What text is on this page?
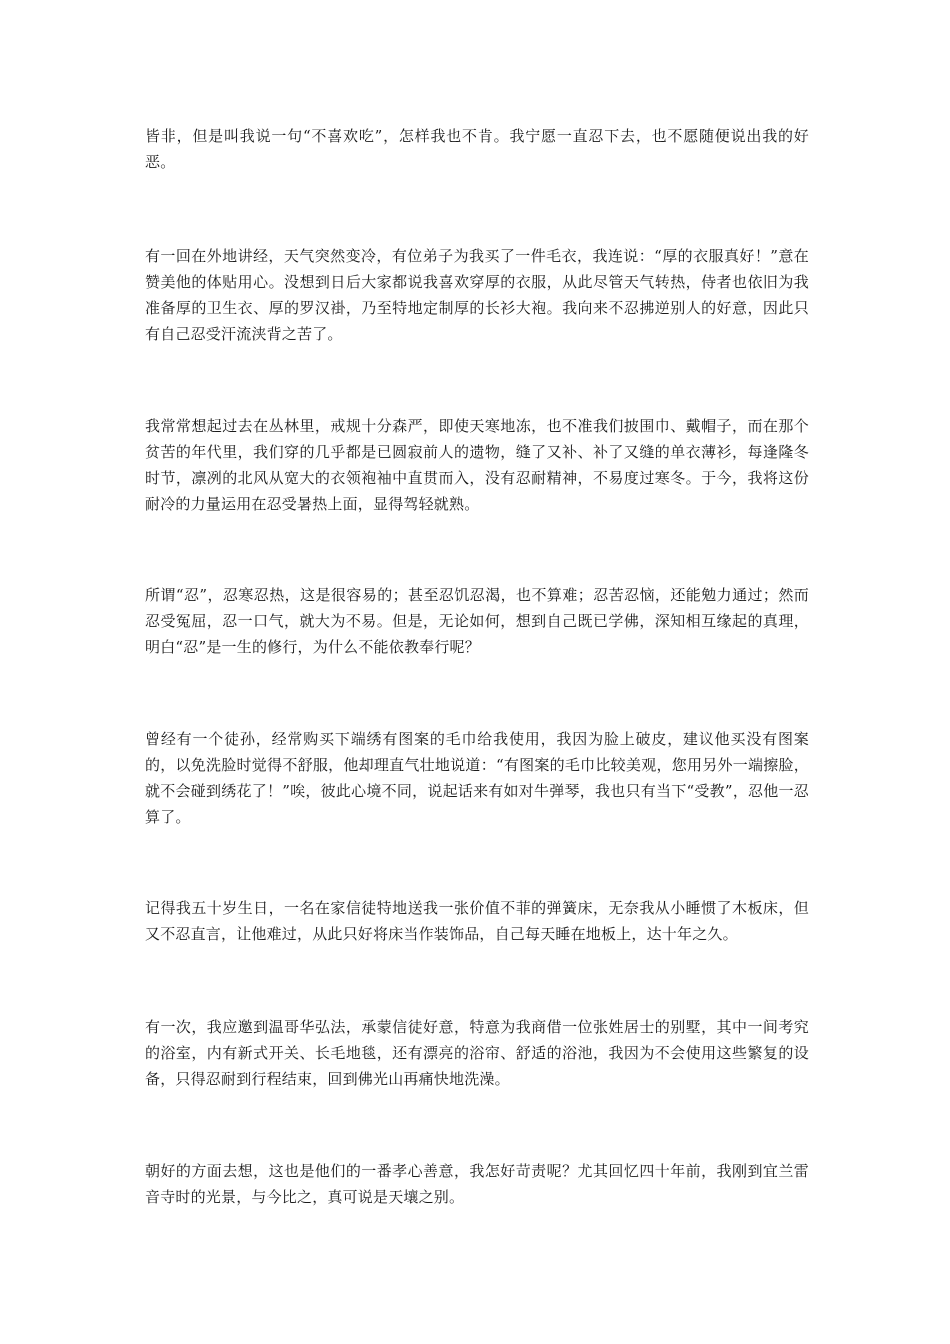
皆非，但是叫我说一句“不喜欢吃”，怎样我也不肯。我宁愿一直忍下去，也不愿随便说出我的好恶。

有一回在外地讲经，天气突然变冷，有位弟子为我买了一件毛衣，我连说：“厚的衣服真好！”意在赞美他的体贴用心。没想到日后大家都说我喜欢穿厚的衣服，从此尽管天气转热，侍者也依旧为我准备厚的卫生衣、厚的罗汉褂，乃至特地定制厚的长衫大袍。我向来不忍拂逆别人的好意，因此只有自己忍受汗流浃背之苦了。

我常常想起过去在丛林里，戒规十分森严，即使天寒地冻，也不准我们披围巾、戴帽子，而在那个贫苦的年代里，我们穿的几乎都是已圆寂前人的遗物，缝了又补、补了又缝的单衣薄衫，每逢隆冬时节，凛冽的北风从宽大的衣领袍袖中直贯而入，没有忍耐精神，不易度过寒冬。于今，我将这份耐冷的力量运用在忍受暑热上面，显得驾轻就熟。

所谓“忍”，忍寒忍热，这是很容易的；甚至忍饥忍渴，也不算难；忍苦忍恼，还能勉力通过；然而忍受冤屈，忍一口气，就大为不易。但是，无论如何，想到自己既已学佛，深知相互缘起的真理，明白“忍”是一生的修行，为什么不能依教奉行呢？

曾经有一个徒孙，经常购买下端绣有图案的毛巾给我使用，我因为脸上破皮，建议他买没有图案的，以免洗脸时觉得不舒服，他却理直气壮地说道：“有图案的毛巾比较美观，您用另外一端擦脸，就不会碰到绣花了！”唉，彼此心境不同，说起话来有如对牛弹琴，我也只有当下“受教”，忍他一忍算了。

记得我五十岁生日，一名在家信徒特地送我一张价值不菲的弹簧床，无奈我从小睡惯了木板床，但又不忍直言，让他难过，从此只好将床当作装饰品，自己每天睡在地板上，达十年之久。

有一次，我应邀到温哥华弘法，承蒙信徒好意，特意为我商借一位张姓居士的别墅，其中一间考究的浴室，内有新式开关、长毛地毯，还有漂亮的浴帘、舒适的浴池，我因为不会使用这些繁复的设备，只得忍耐到行程结束，回到佛光山再痛快地洗澡。

朝好的方面去想，这也是他们的一番孝心善意，我怎好苛责呢？尤其回忆四十年前，我刚到宜兰雷音寺时的光景，与今比之，真可说是天壤之别。
